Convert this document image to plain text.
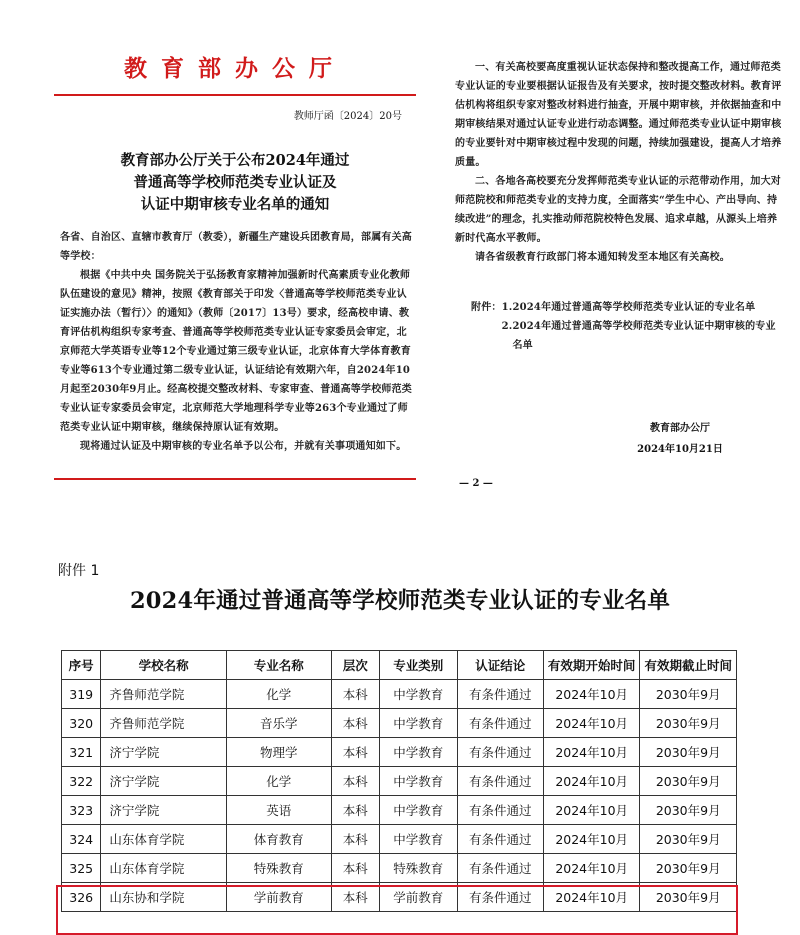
教育部办公厅
教师厅函〔2024〕20号
教育部办公厅关于公布2024年通过
普通高等学校师范类专业认证及
认证中期审核专业名单的通知

各省、自治区、直辖市教育厅（教委），新疆生产建设兵团教育局，部属有关高等学校：

根据《中共中央 国务院关于弘扬教育家精神加强新时代高素质专业化教师队伍建设的意见》精神，按照《教育部关于印发〈普通高等学校师范类专业认证实施办法（暂行）〉的通知》（教师〔2017〕13号）要求，经高校申请、教育评估机构组织专家考查、普通高等学校师范类专业认证专家委员会审定，北京师范大学英语专业等12个专业通过第三级专业认证，北京体育大学体育教育专业等613个专业通过第二级专业认证，认证结论有效期六年，自2024年10月起至2030年9月止。经高校提交整改材料、专家审查、普通高等学校师范类专业认证专家委员会审定，北京师范大学地理科学专业等263个专业通过了师范类专业认证中期审核，继续保持原认证有效期。

现将通过认证及中期审核的专业名单予以公布，并就有关事项通知如下。

一、有关高校要高度重视认证状态保持和整改提高工作，通过师范类专业认证的专业要根据认证报告及有关要求，按时提交整改材料。教育评估机构将组织专家对整改材料进行抽查，开展中期审核，并依据抽查和中期审核结果对通过认证专业进行动态调整。通过师范类专业认证中期审核的专业要针对中期审核过程中发现的问题，持续加强建设，提高人才培养质量。

二、各地各高校要充分发挥师范类专业认证的示范带动作用，加大对师范院校和师范类专业的支持力度，全面落实“学生中心、产出导向、持续改进”的理念，扎实推动师范院校特色发展、追求卓越，从源头上培养新时代高水平教师。

请各省级教育行政部门将本通知转发至本地区有关高校。

附件： 1. 2024年通过普通高等学校师范类专业认证的专业名单
2. 2024年通过普通高等学校师范类专业认证中期审核的专业名单
教育部办公厅
2024年10月21日
— 2 —
附件 1
2024年通过普通高等学校师范类专业认证的专业名单
序号	学校名称	专业名称	层次	专业类别	认证结论	有效期开始时间	有效期截止时间
319	齐鲁师范学院	化学	本科	中学教育	有条件通过	2024年10月	2030年9月
320	齐鲁师范学院	音乐学	本科	中学教育	有条件通过	2024年10月	2030年9月
321	济宁学院	物理学	本科	中学教育	有条件通过	2024年10月	2030年9月
322	济宁学院	化学	本科	中学教育	有条件通过	2024年10月	2030年9月
323	济宁学院	英语	本科	中学教育	有条件通过	2024年10月	2030年9月
324	山东体育学院	体育教育	本科	中学教育	有条件通过	2024年10月	2030年9月
325	山东体育学院	特殊教育	本科	特殊教育	有条件通过	2024年10月	2030年9月
326	山东协和学院	学前教育	本科	学前教育	有条件通过	2024年10月	2030年9月
